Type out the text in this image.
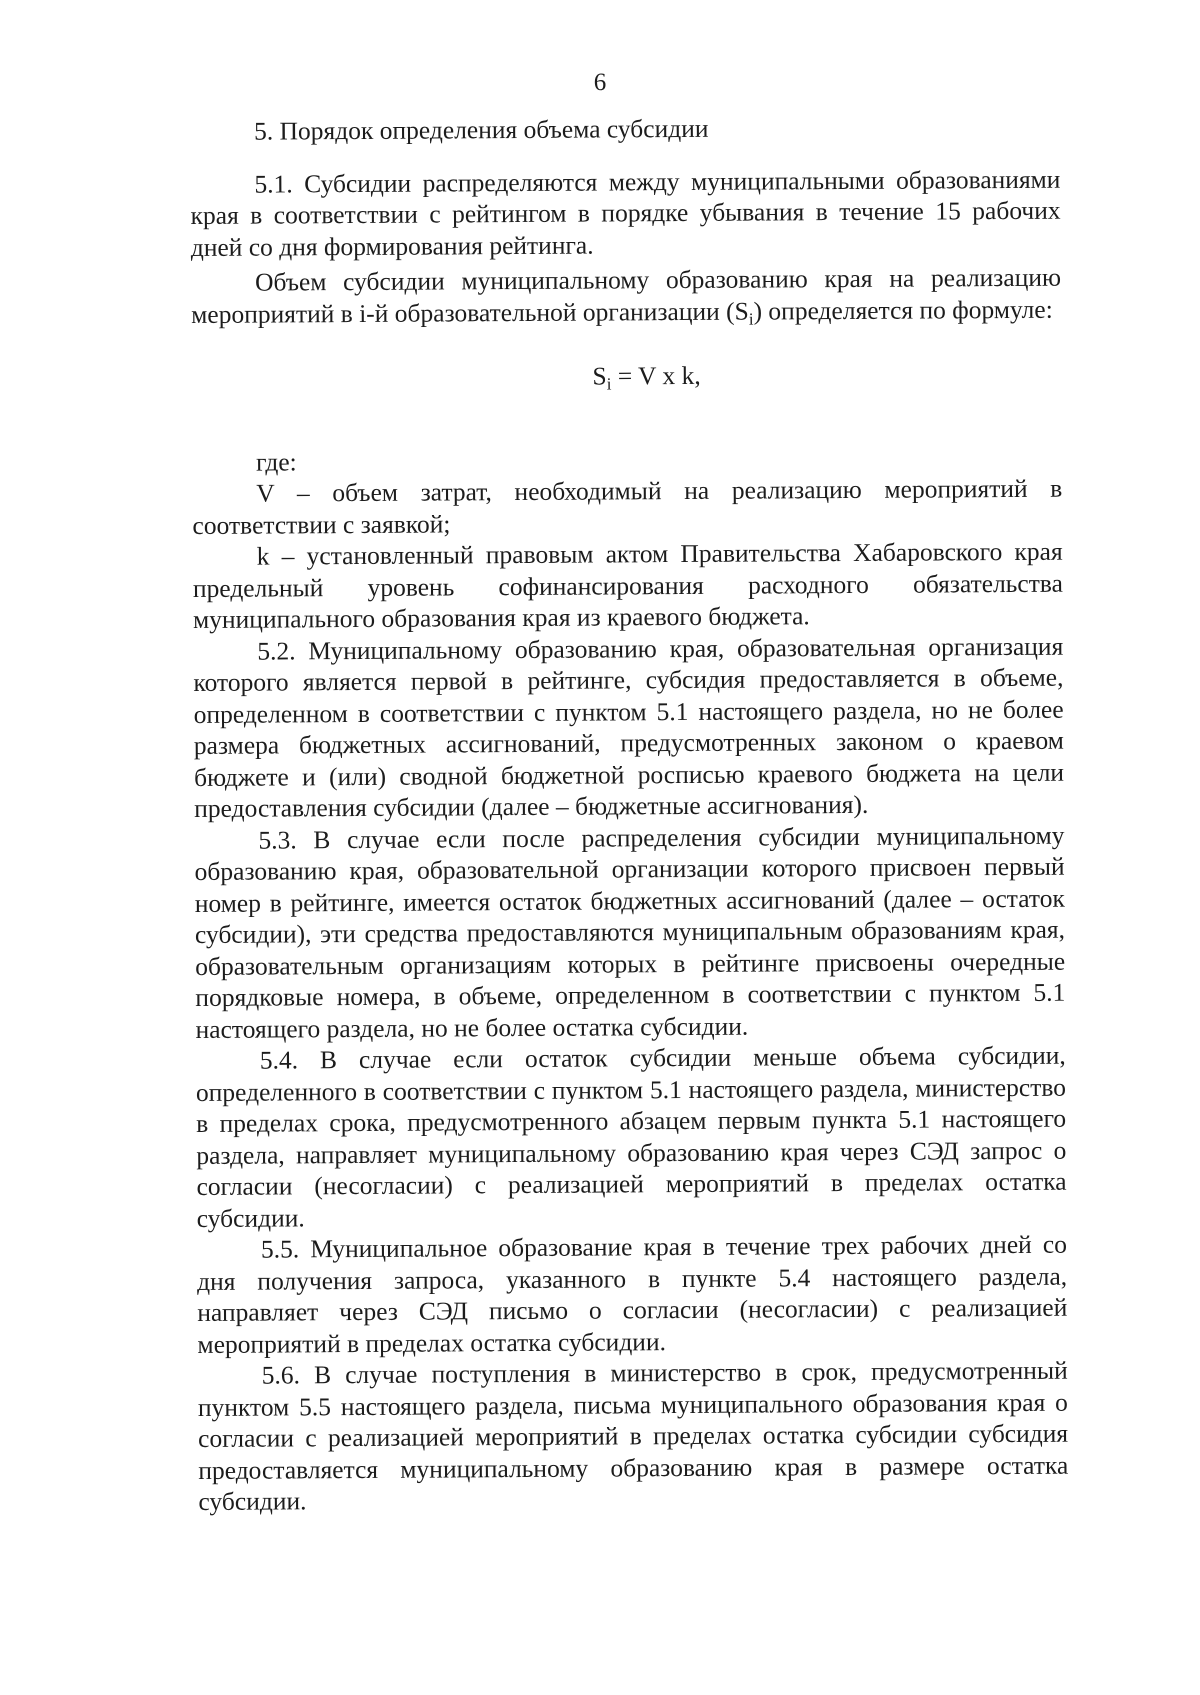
6
5. Порядок определения объема субсидии

5.1. Субсидии распределяются между муниципальными образованиями края в соответствии с рейтингом в порядке убывания в течение 15 рабочих дней со дня формирования рейтинга.

Объем субсидии муниципальному образованию края на реализацию мероприятий в i-й образовательной организации (Si) определяется по формуле:

$S_i = V$ x k,

где:

V – объем затрат, необходимый на реализацию мероприятий в соответствии с заявкой;

k – установленный правовым актом Правительства Хабаровского края предельный уровень софинансирования расходного обязательства муниципального образования края из краевого бюджета.

5.2. Муниципальному образованию края, образовательная организация которого является первой в рейтинге, субсидия предоставляется в объеме, определенном в соответствии с пунктом 5.1 настоящего раздела, но не более размера бюджетных ассигнований, предусмотренных законом о краевом бюджете и (или) сводной бюджетной росписью краевого бюджета на цели предоставления субсидии (далее – бюджетные ассигнования).

5.3. В случае если после распределения субсидии муниципальному образованию края, образовательной организации которого присвоен первый номер в рейтинге, имеется остаток бюджетных ассигнований (далее – остаток субсидии), эти средства предоставляются муниципальным образованиям края, образовательным организациям которых в рейтинге присвоены очередные порядковые номера, в объеме, определенном в соответствии с пунктом 5.1 настоящего раздела, но не более остатка субсидии.

5.4. В случае если остаток субсидии меньше объема субсидии, определенного в соответствии с пунктом 5.1 настоящего раздела, министерство в пределах срока, предусмотренного абзацем первым пункта 5.1 настоящего раздела, направляет муниципальному образованию края через СЭД запрос о согласии (несогласии) с реализацией мероприятий в пределах остатка субсидии.

5.5. Муниципальное образование края в течение трех рабочих дней со дня получения запроса, указанного в пункте 5.4 настоящего раздела, направляет через СЭД письмо о согласии (несогласии) с реализацией мероприятий в пределах остатка субсидии.

5.6. В случае поступления в министерство в срок, предусмотренный пунктом 5.5 настоящего раздела, письма муниципального образования края о согласии с реализацией мероприятий в пределах остатка субсидии субсидия предоставляется муниципальному образованию края в размере остатка субсидии.
